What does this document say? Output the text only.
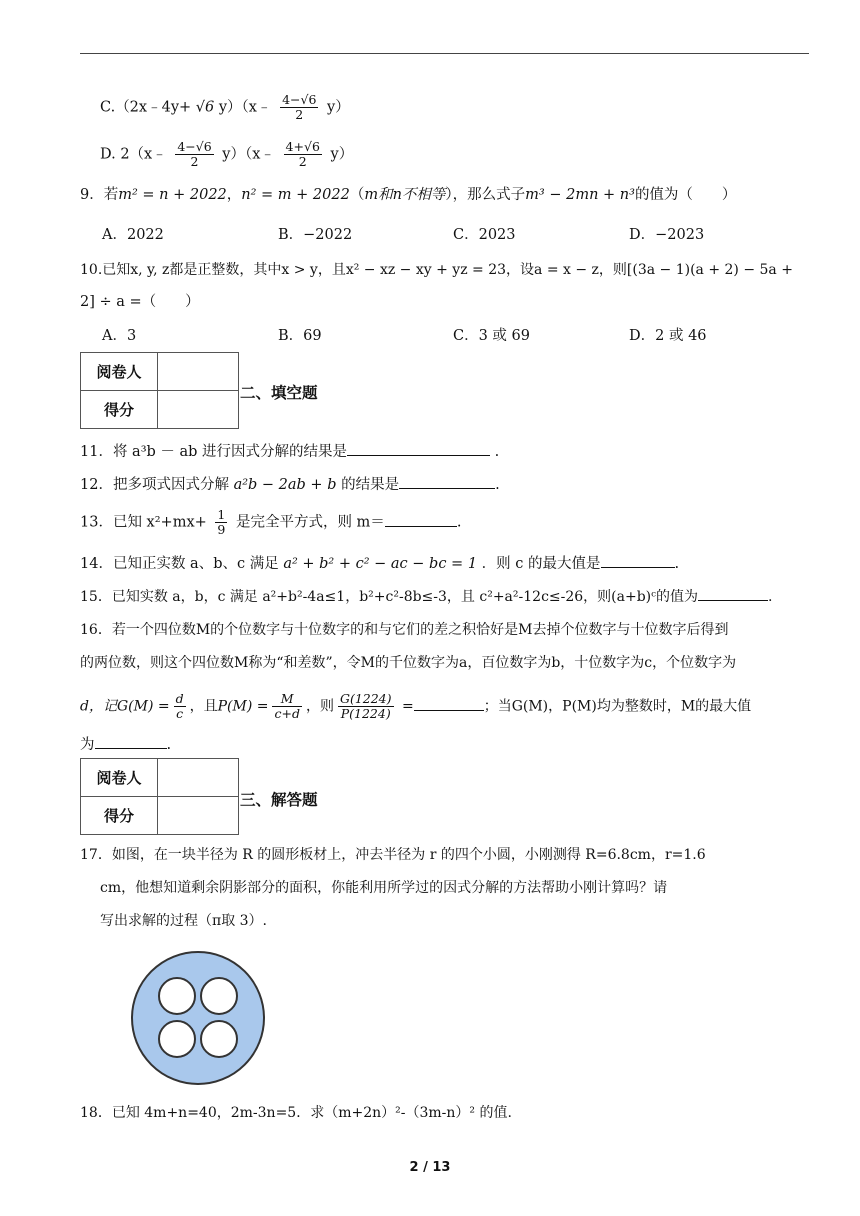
C.（2x﹣4y+ √6 y）（x﹣ $\frac{4-√6}{2} y$）
D. 2（x﹣ $\frac{4-√6}{2}$ y）（x﹣ $\frac{4+√6}{2} y$）
9．若m² = n + 2022，n² = m + 2022（m和n不相等），那么式子m³ − 2mn + n³的值为（　　）
A．2022	B．−2022	C．2023	D．−2023
10.已知x, y, z都是正整数，其中x > y，且x² − xz − xy + yz = 23，设a = x − z，则[(3a − 1)(a + 2) − 5a +
2] ÷ a =（　　）
A．3	B．69	C．3 或 69	D．2 或 46
阅卷人	
得分	
二、填空题
11．将 a³b － ab 进行因式分解的结果是	.
12．把多项式因式分解 a²b − 2ab + b 的结果是	.
13．已知 $x^2+mx+ \frac{1}{9}$ 是完全平方式，则 m＝	.
14．已知正实数 a、b、c 满足 a² + b² + c² − ac − bc = 1 ．则 c 的最大值是	.
15．已知实数 a，b，c 满足 a²+b²-4a≤1，b²+c²-8b≤-3，且 c²+a²-12c≤-26，则(a+b)ᶜ的值为	.
16．若一个四位数M的个位数字与十位数字的和与它们的差之积恰好是M去掉个位数字与十位数字后得到
的两位数，则这个四位数M称为“和差数”，令M的千位数字为a，百位数字为b，十位数字为c，个位数字为
d，记$G(M) = \frac{d}{c}$ ，且$P(M) = \frac{M}{c+d}$ ，则 $\frac{G(1224)}{P(1224)}$ =	；当G(M)，P(M)均为整数时，M的最大值
为	.
阅卷人	
得分	
三、解答题
17．如图，在一块半径为 R 的圆形板材上，冲去半径为 r 的四个小圆，小刚测得 R=6.8cm，r=1.6
cm，他想知道剩余阴影部分的面积，你能利用所学过的因式分解的方法帮助小刚计算吗？请
写出求解的过程（π取 3）.
18．已知 4m+n=40，2m-3n=5．求（m+2n）²-（3m-n）² 的值.
2 / 13
